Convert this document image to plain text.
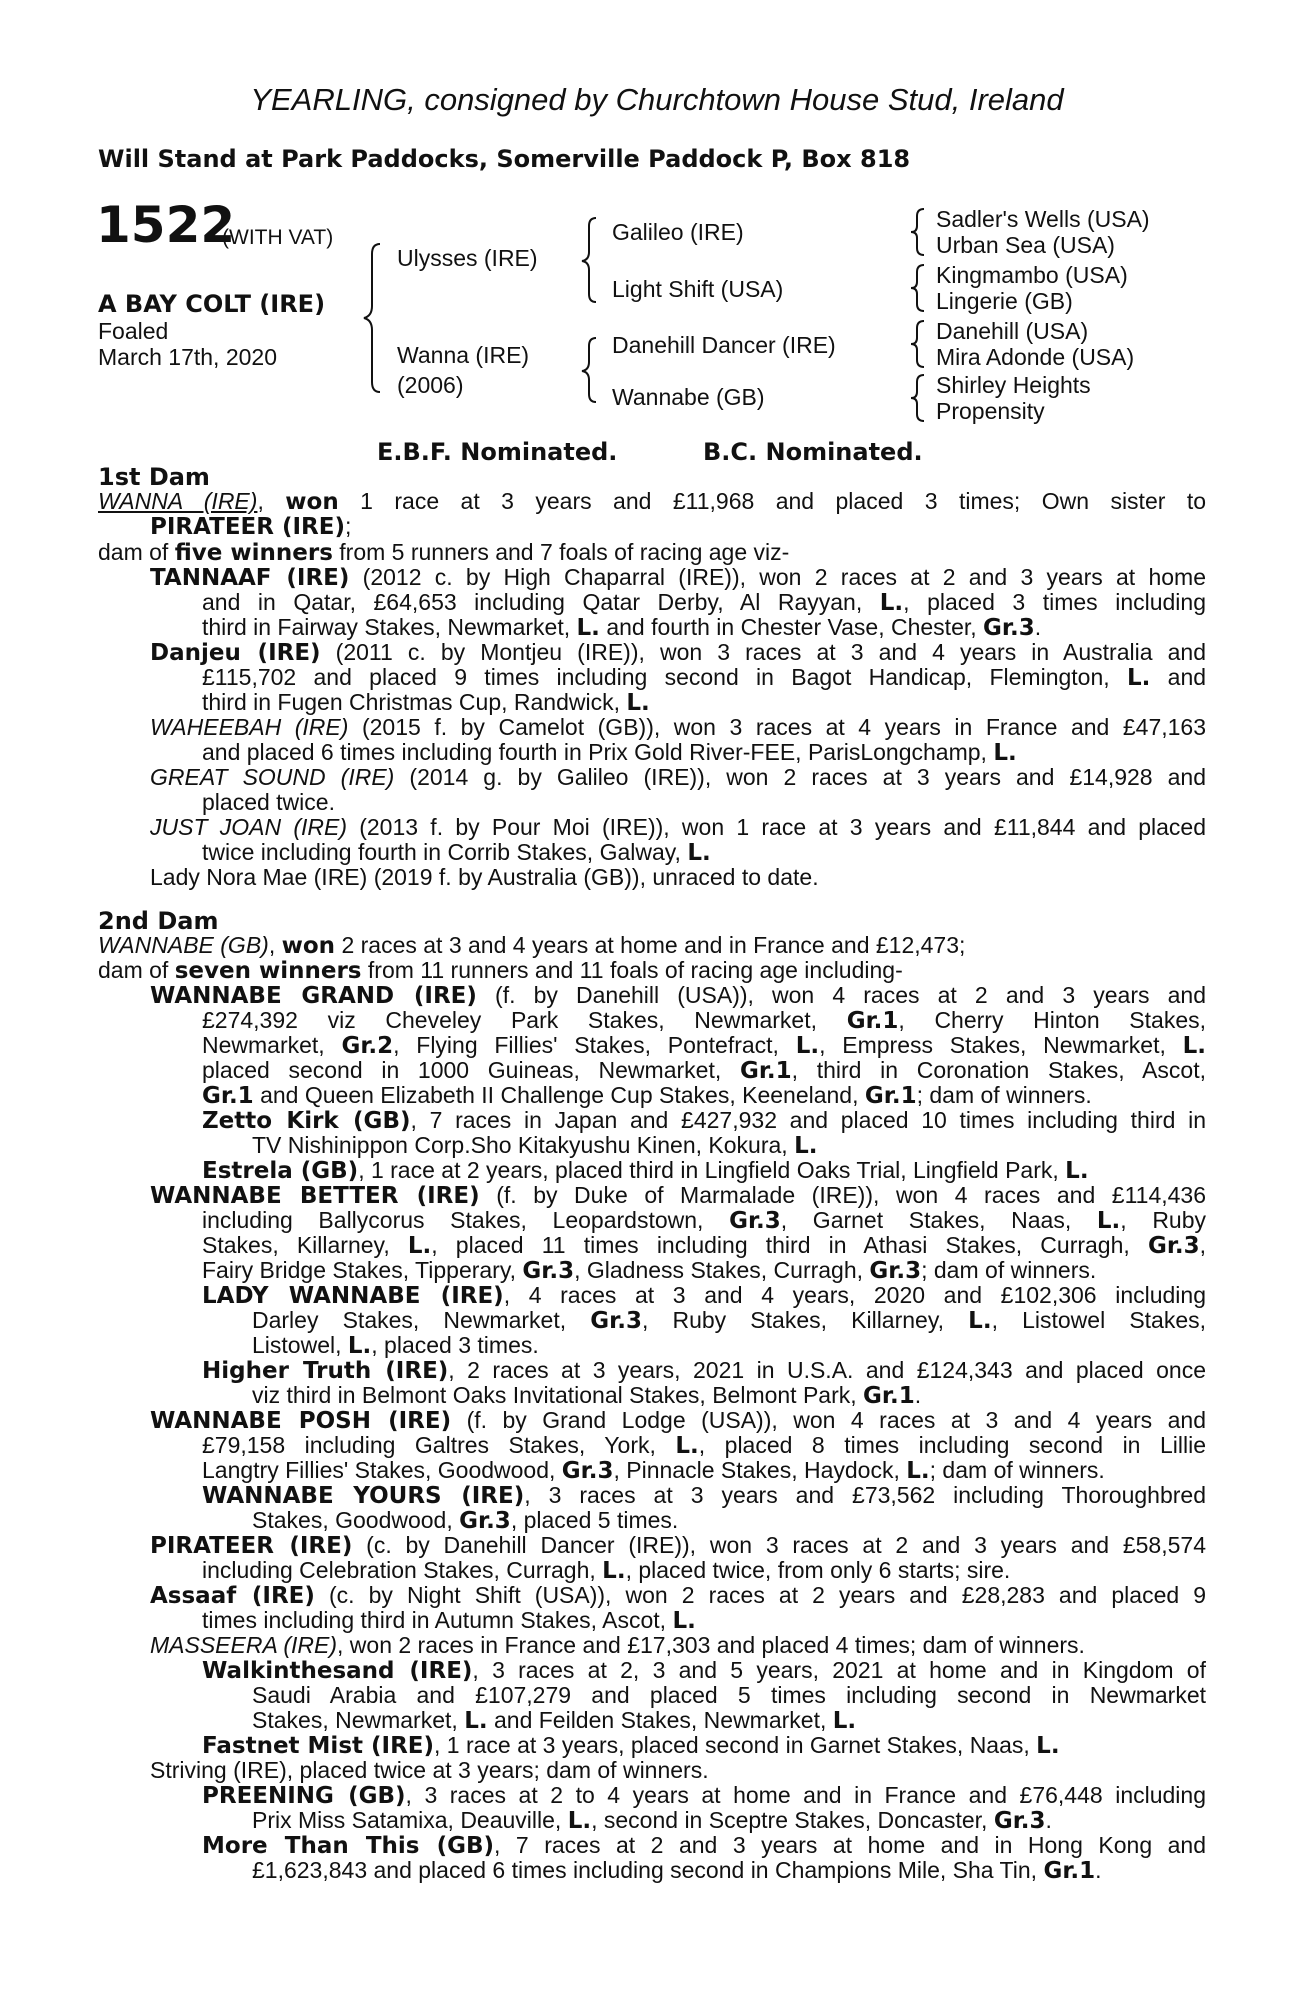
YEARLING, consigned by Churchtown House Stud, Ireland
Will Stand at Park Paddocks, Somerville Paddock P, Box 818
1522
(WITH VAT)
A BAY COLT (IRE)
Foaled
March 17th, 2020
Ulysses (IRE)
Wanna (IRE)
(2006)
Galileo (IRE)
Light Shift (USA)
Danehill Dancer (IRE)
Wannabe (GB)
Sadler's Wells (USA)
Urban Sea (USA)
Kingmambo (USA)
Lingerie (GB)
Danehill (USA)
Mira Adonde (USA)
Shirley Heights
Propensity
E.B.F. Nominated.	B.C. Nominated.
1st Dam
WANNA (IRE), won 1 race at 3 years and £11,968 and placed 3 times; Own sister to
PIRATEER (IRE);
dam of five winners from 5 runners and 7 foals of racing age viz-
TANNAAF (IRE) (2012 c. by High Chaparral (IRE)), won 2 races at 2 and 3 years at home
and in Qatar, £64,653 including Qatar Derby, Al Rayyan, L., placed 3 times including
third in Fairway Stakes, Newmarket, L. and fourth in Chester Vase, Chester, Gr.3.
Danjeu (IRE) (2011 c. by Montjeu (IRE)), won 3 races at 3 and 4 years in Australia and
£115,702 and placed 9 times including second in Bagot Handicap, Flemington, L. and
third in Fugen Christmas Cup, Randwick, L.
WAHEEBAH (IRE) (2015 f. by Camelot (GB)), won 3 races at 4 years in France and £47,163
and placed 6 times including fourth in Prix Gold River-FEE, ParisLongchamp, L.
GREAT SOUND (IRE) (2014 g. by Galileo (IRE)), won 2 races at 3 years and £14,928 and
placed twice.
JUST JOAN (IRE) (2013 f. by Pour Moi (IRE)), won 1 race at 3 years and £11,844 and placed
twice including fourth in Corrib Stakes, Galway, L.
Lady Nora Mae (IRE) (2019 f. by Australia (GB)), unraced to date.
2nd Dam
WANNABE (GB), won 2 races at 3 and 4 years at home and in France and £12,473;
dam of seven winners from 11 runners and 11 foals of racing age including-
WANNABE GRAND (IRE) (f. by Danehill (USA)), won 4 races at 2 and 3 years and
£274,392 viz Cheveley Park Stakes, Newmarket, Gr.1, Cherry Hinton Stakes,
Newmarket, Gr.2, Flying Fillies' Stakes, Pontefract, L., Empress Stakes, Newmarket, L.
placed second in 1000 Guineas, Newmarket, Gr.1, third in Coronation Stakes, Ascot,
Gr.1 and Queen Elizabeth II Challenge Cup Stakes, Keeneland, Gr.1; dam of winners.
Zetto Kirk (GB), 7 races in Japan and £427,932 and placed 10 times including third in
TV Nishinippon Corp.Sho Kitakyushu Kinen, Kokura, L.
Estrela (GB), 1 race at 2 years, placed third in Lingfield Oaks Trial, Lingfield Park, L.
WANNABE BETTER (IRE) (f. by Duke of Marmalade (IRE)), won 4 races and £114,436
including Ballycorus Stakes, Leopardstown, Gr.3, Garnet Stakes, Naas, L., Ruby
Stakes, Killarney, L., placed 11 times including third in Athasi Stakes, Curragh, Gr.3,
Fairy Bridge Stakes, Tipperary, Gr.3, Gladness Stakes, Curragh, Gr.3; dam of winners.
LADY WANNABE (IRE), 4 races at 3 and 4 years, 2020 and £102,306 including
Darley Stakes, Newmarket, Gr.3, Ruby Stakes, Killarney, L., Listowel Stakes,
Listowel, L., placed 3 times.
Higher Truth (IRE), 2 races at 3 years, 2021 in U.S.A. and £124,343 and placed once
viz third in Belmont Oaks Invitational Stakes, Belmont Park, Gr.1.
WANNABE POSH (IRE) (f. by Grand Lodge (USA)), won 4 races at 3 and 4 years and
£79,158 including Galtres Stakes, York, L., placed 8 times including second in Lillie
Langtry Fillies' Stakes, Goodwood, Gr.3, Pinnacle Stakes, Haydock, L.; dam of winners.
WANNABE YOURS (IRE), 3 races at 3 years and £73,562 including Thoroughbred
Stakes, Goodwood, Gr.3, placed 5 times.
PIRATEER (IRE) (c. by Danehill Dancer (IRE)), won 3 races at 2 and 3 years and £58,574
including Celebration Stakes, Curragh, L., placed twice, from only 6 starts; sire.
Assaaf (IRE) (c. by Night Shift (USA)), won 2 races at 2 years and £28,283 and placed 9
times including third in Autumn Stakes, Ascot, L.
MASSEERA (IRE), won 2 races in France and £17,303 and placed 4 times; dam of winners.
Walkinthesand (IRE), 3 races at 2, 3 and 5 years, 2021 at home and in Kingdom of
Saudi Arabia and £107,279 and placed 5 times including second in Newmarket
Stakes, Newmarket, L. and Feilden Stakes, Newmarket, L.
Fastnet Mist (IRE), 1 race at 3 years, placed second in Garnet Stakes, Naas, L.
Striving (IRE), placed twice at 3 years; dam of winners.
PREENING (GB), 3 races at 2 to 4 years at home and in France and £76,448 including
Prix Miss Satamixa, Deauville, L., second in Sceptre Stakes, Doncaster, Gr.3.
More Than This (GB), 7 races at 2 and 3 years at home and in Hong Kong and
£1,623,843 and placed 6 times including second in Champions Mile, Sha Tin, Gr.1.
